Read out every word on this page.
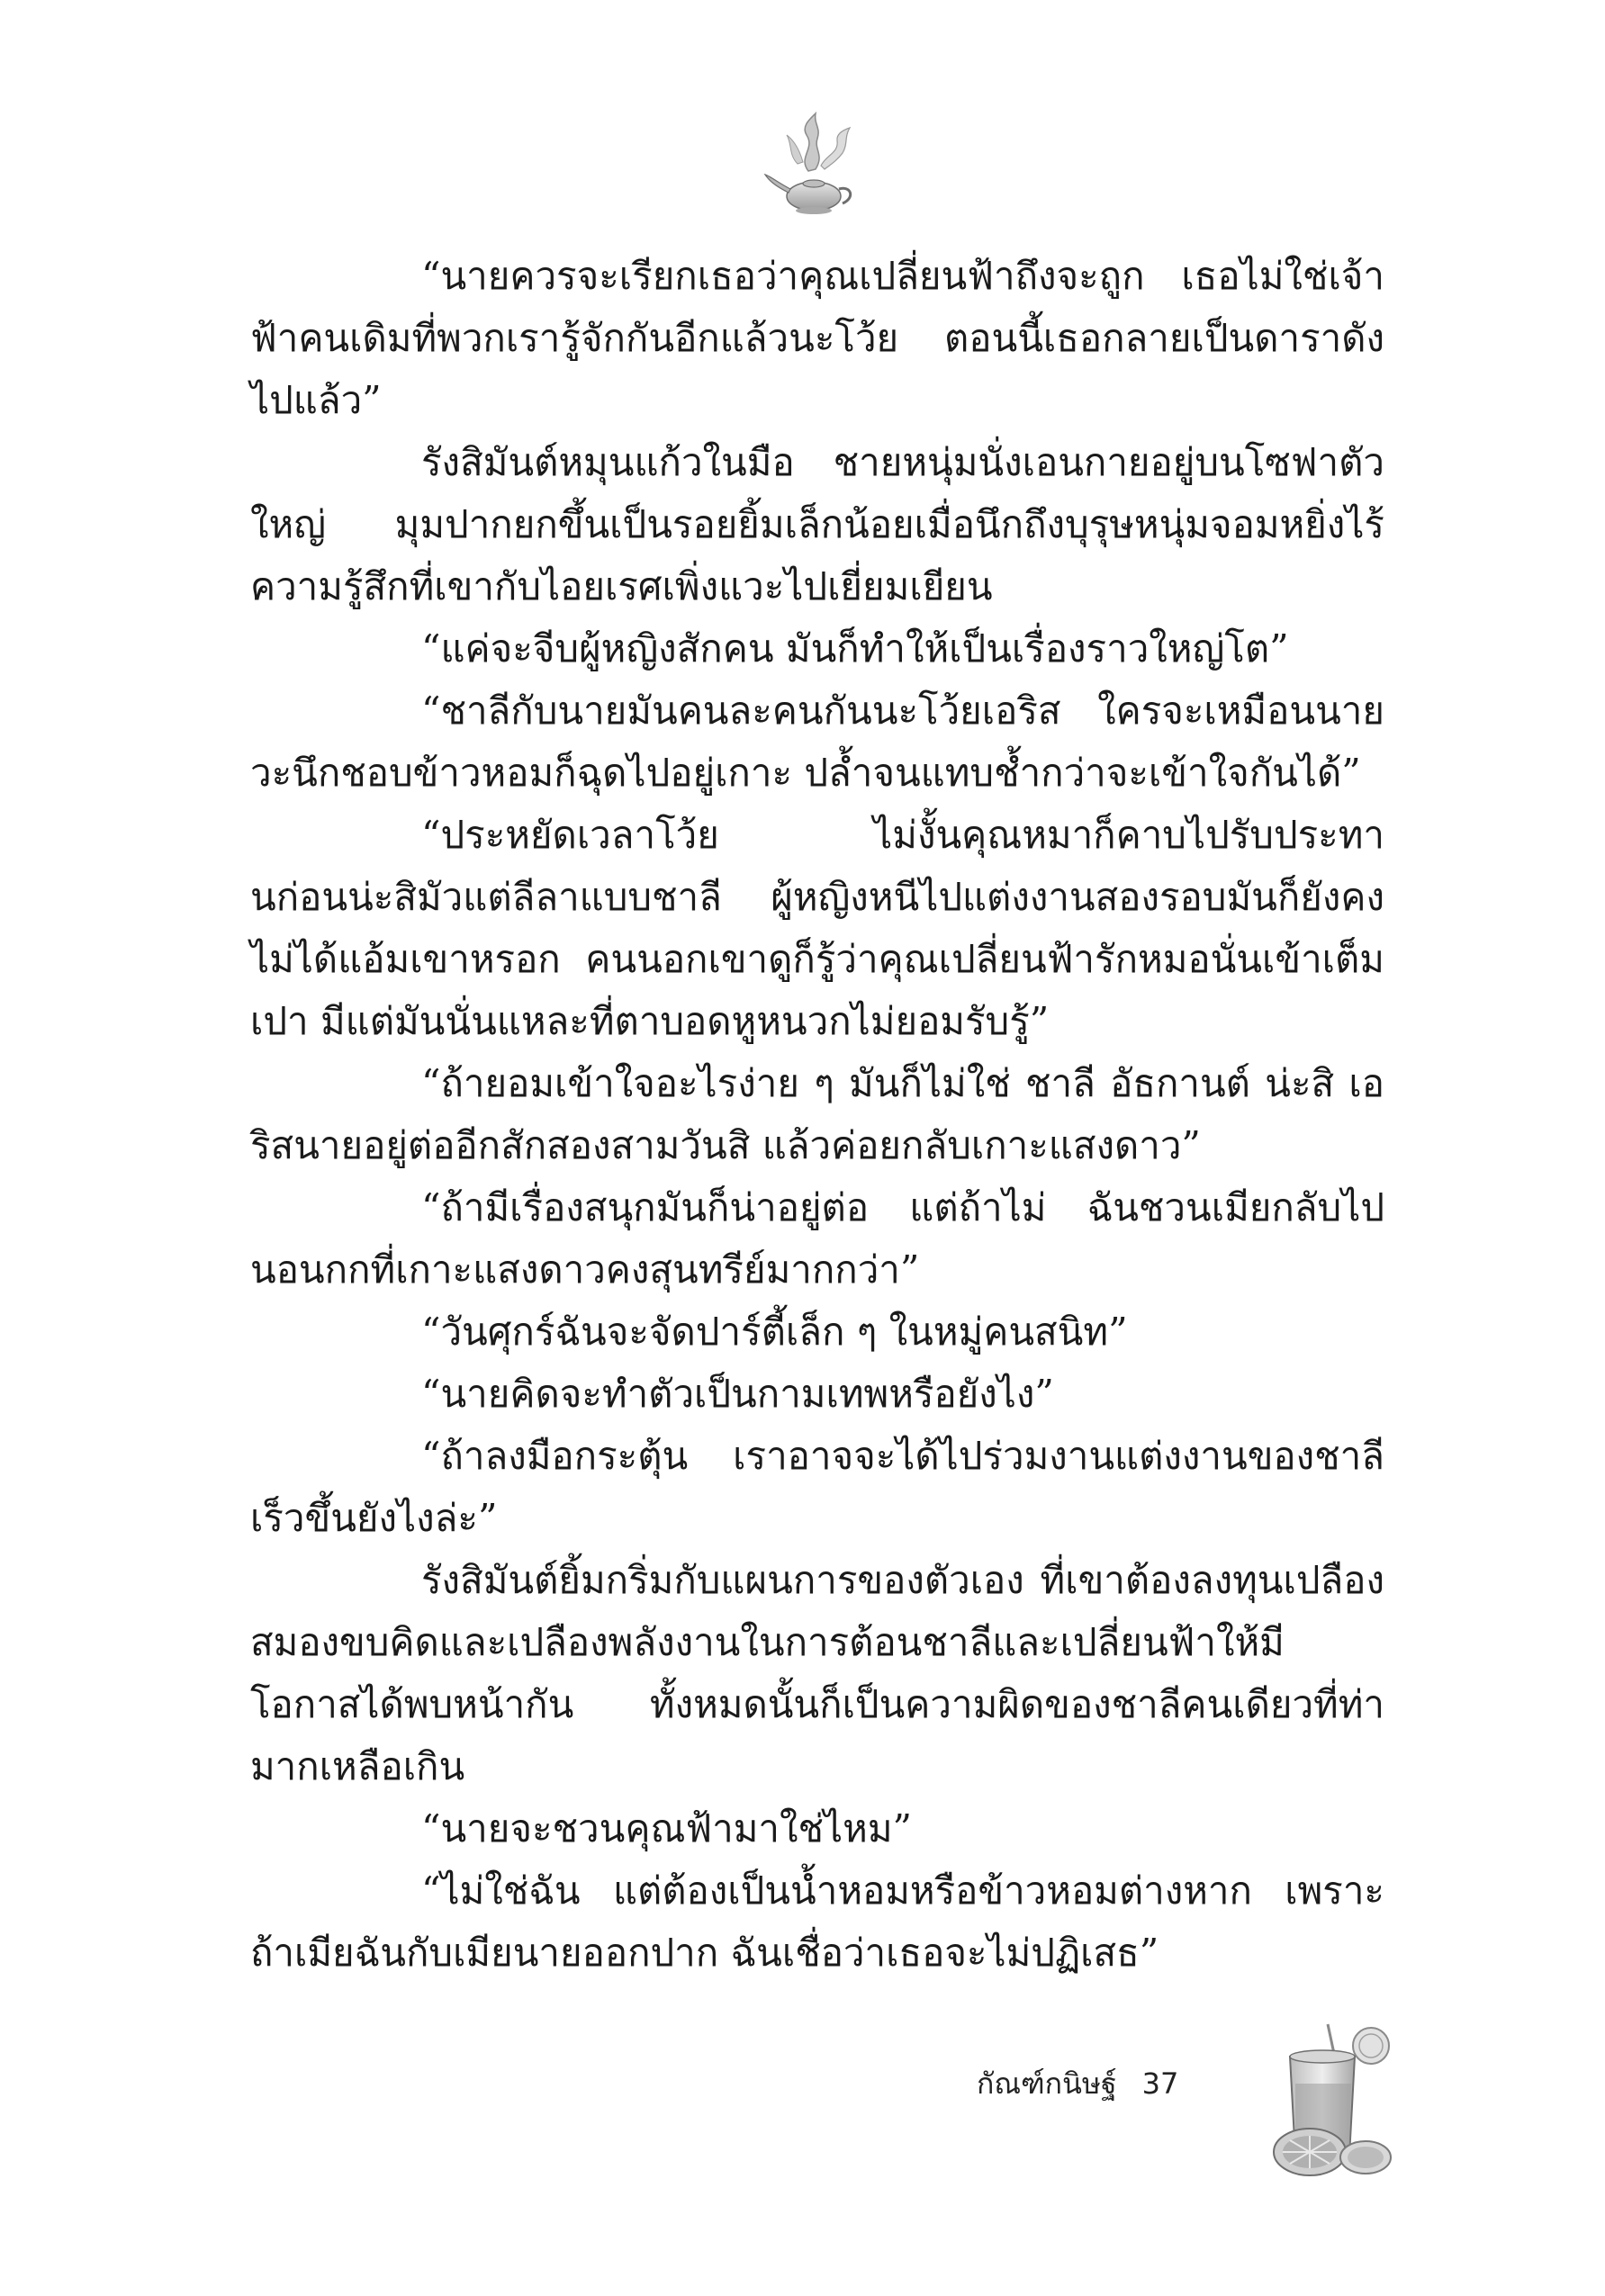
“นายควรจะเรียกเธอว่าคุณเปลี่ยนฟ้าถึงจะถูก เธอไม่ใช่เจ้าฟ้าคนเดิมที่พวกเรารู้จักกันอีกแล้วนะโว้ย ตอนนี้เธอกลายเป็นดาราดังไปแล้ว”

รังสิมันต์หมุนแก้วในมือ ชายหนุ่มนั่งเอนกายอยู่บนโซฟาตัวใหญ่ มุมปากยกขึ้นเป็นรอยยิ้มเล็กน้อยเมื่อนึกถึงบุรุษหนุ่มจอมหยิ่งไร้ความรู้สึกที่เขากับไอยเรศเพิ่งแวะไปเยี่ยมเยียน

“แค่จะจีบผู้หญิงสักคน มันก็ทำให้เป็นเรื่องราวใหญ่โต”

“ชาลีกับนายมันคนละคนกันนะโว้ยเอริส ใครจะเหมือนนายวะนึกชอบข้าวหอมก็ฉุดไปอยู่เกาะ ปล้ำจนแทบช้ำกว่าจะเข้าใจกันได้”

“ประหยัดเวลาโว้ย ไม่งั้นคุณหมาก็คาบไปรับประทานก่อนน่ะสิมัวแต่ลีลาแบบชาลี ผู้หญิงหนีไปแต่งงานสองรอบมันก็ยังคงไม่ได้แอ้มเขาหรอก คนนอกเขาดูก็รู้ว่าคุณเปลี่ยนฟ้ารักหมอนั่นเข้าเต็มเปา มีแต่มันนั่นแหละที่ตาบอดหูหนวกไม่ยอมรับรู้”

“ถ้ายอมเข้าใจอะไรง่าย ๆ มันก็ไม่ใช่ ชาลี อัธกานต์ น่ะสิ เอริสนายอยู่ต่ออีกสักสองสามวันสิ แล้วค่อยกลับเกาะแสงดาว”

“ถ้ามีเรื่องสนุกมันก็น่าอยู่ต่อ แต่ถ้าไม่ ฉันชวนเมียกลับไปนอนกกที่เกาะแสงดาวคงสุนทรีย์มากกว่า”

“วันศุกร์ฉันจะจัดปาร์ตี้เล็ก ๆ ในหมู่คนสนิท”

“นายคิดจะทำตัวเป็นกามเทพหรือยังไง”

“ถ้าลงมือกระตุ้น เราอาจจะได้ไปร่วมงานแต่งงานของชาลีเร็วขึ้นยังไงล่ะ”

รังสิมันต์ยิ้มกริ่มกับแผนการของตัวเอง ที่เขาต้องลงทุนเปลืองสมองขบคิดและเปลืองพลังงานในการต้อนชาลีและเปลี่ยนฟ้าให้มีโอกาสได้พบหน้ากัน ทั้งหมดนั้นก็เป็นความผิดของชาลีคนเดียวที่ท่ามากเหลือเกิน

“นายจะชวนคุณฟ้ามาใช่ไหม”

“ไม่ใช่ฉัน แต่ต้องเป็นน้ำหอมหรือข้าวหอมต่างหาก เพราะถ้าเมียฉันกับเมียนายออกปาก ฉันเชื่อว่าเธอจะไม่ปฏิเสธ”

กัณฑ์กนิษฐ์ 37
